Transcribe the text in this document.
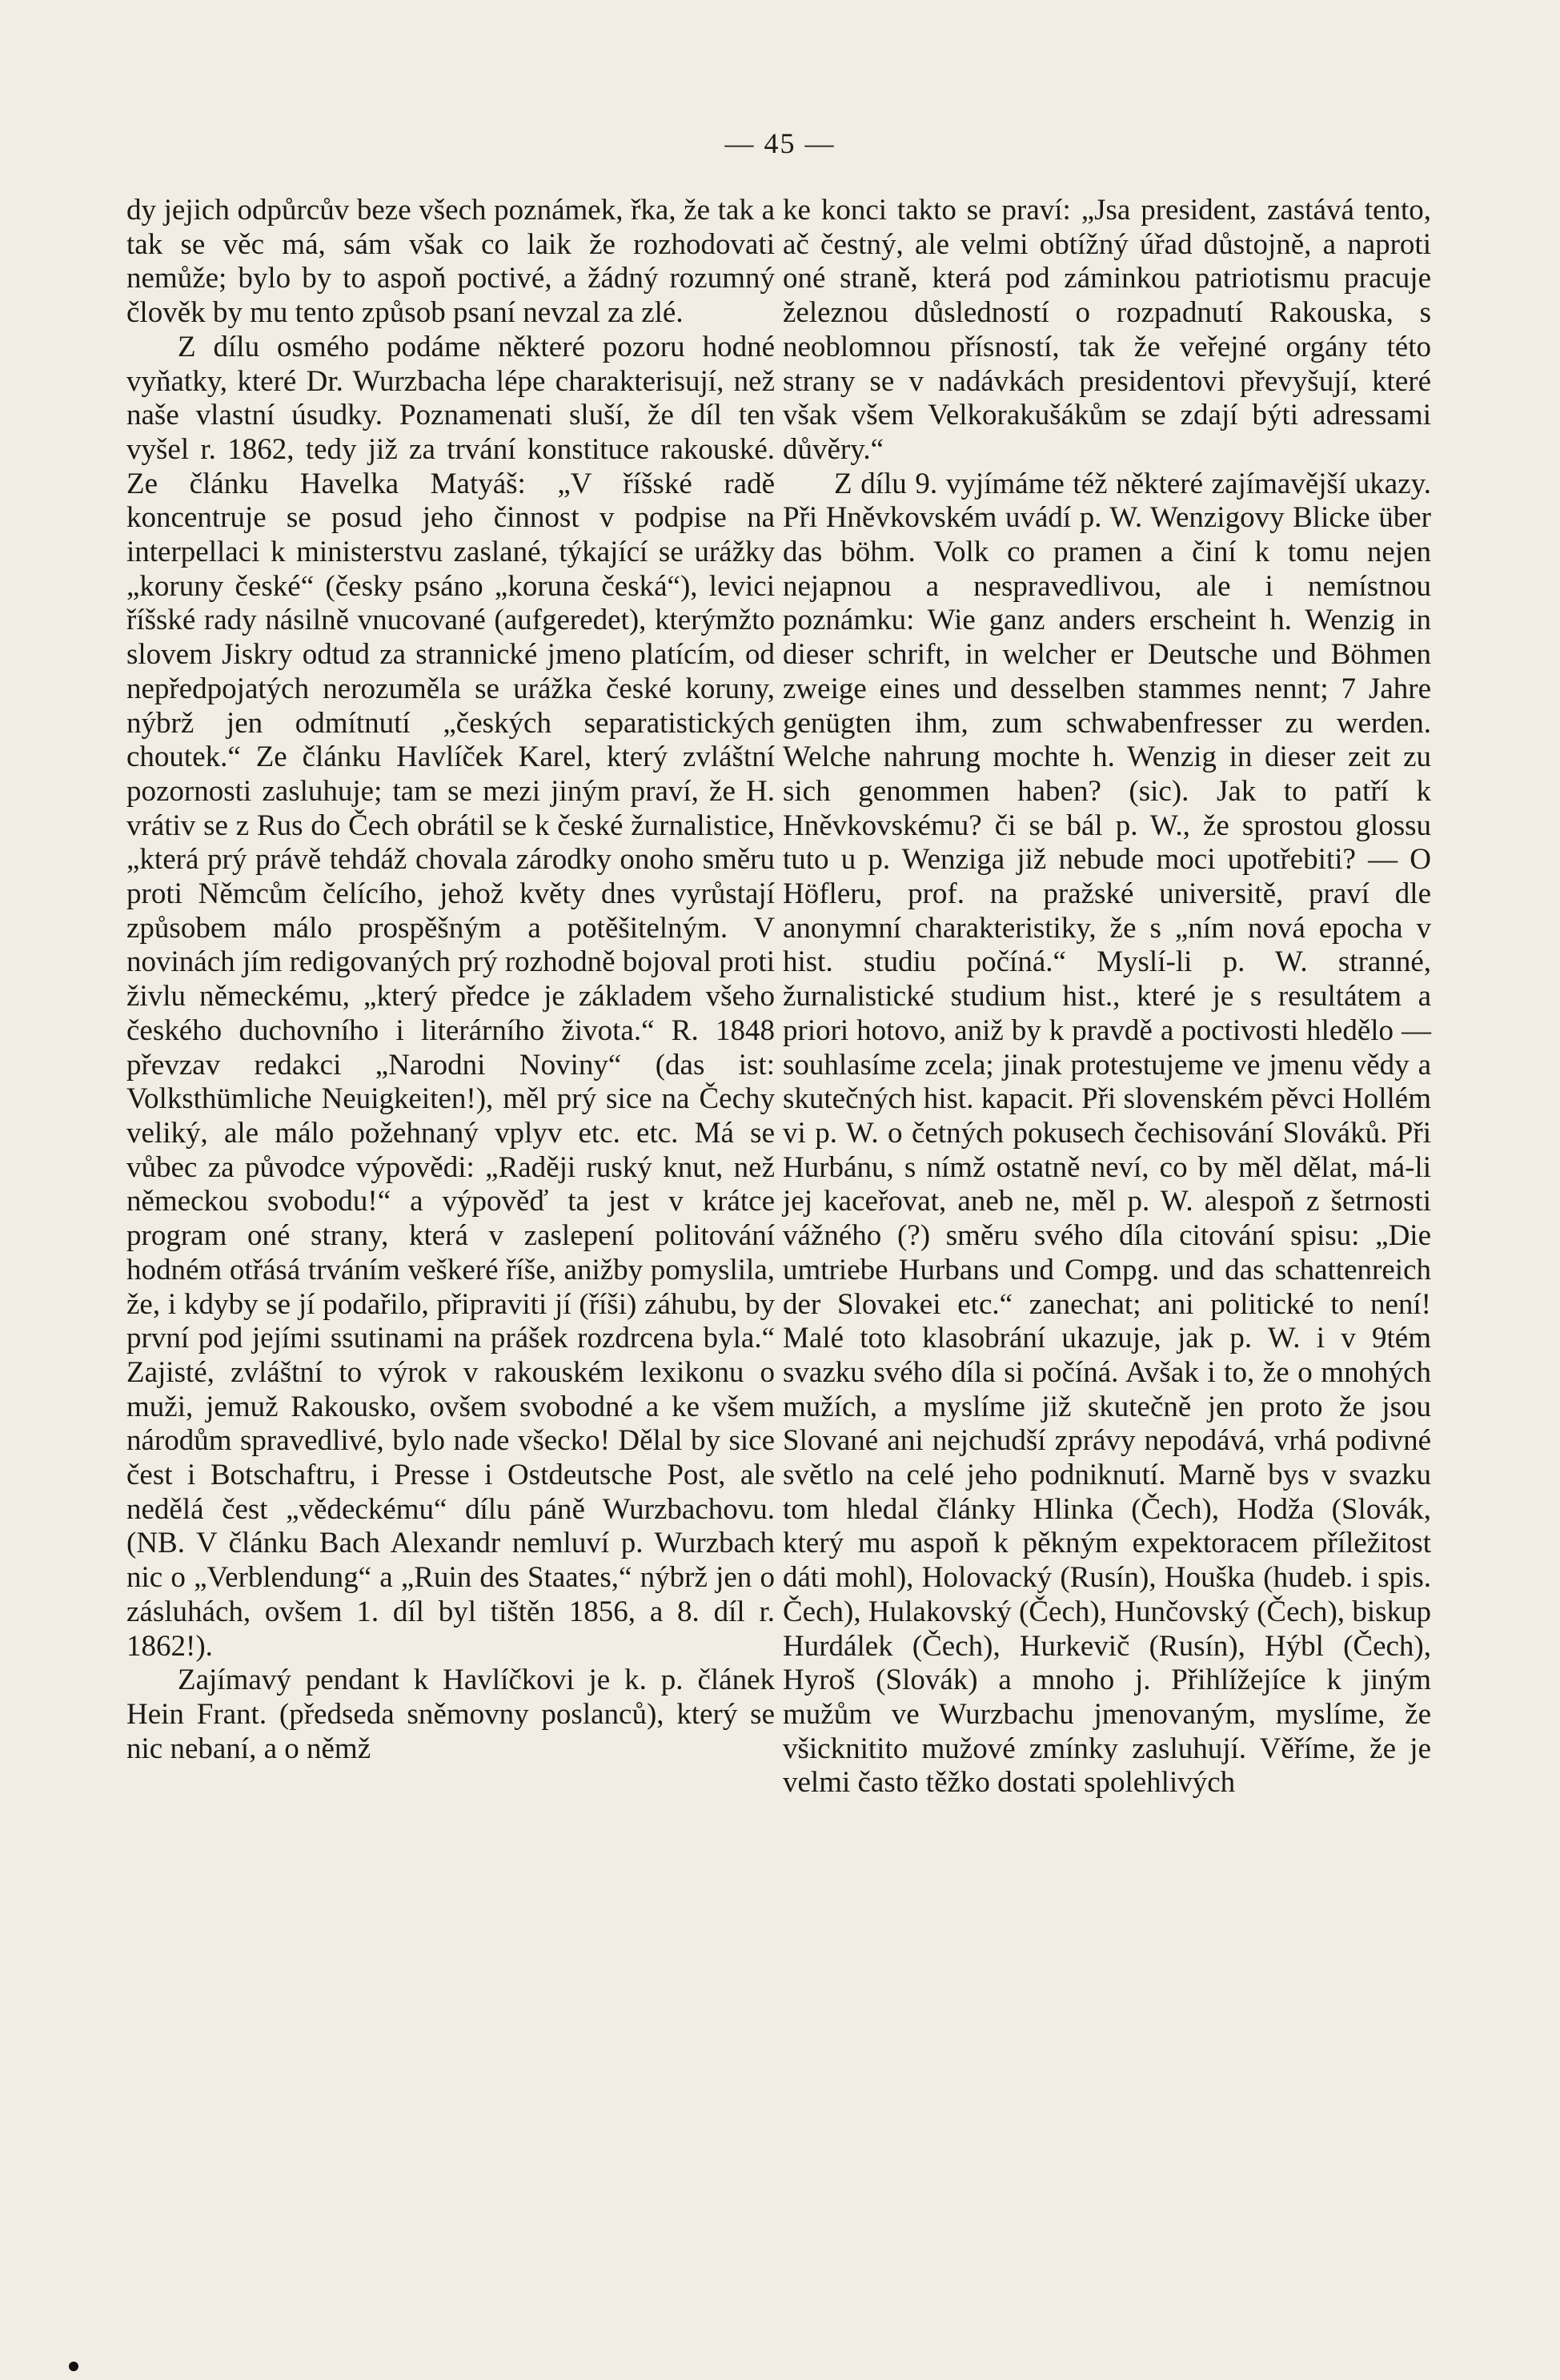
— 45 —

dy jejich odpůrcův beze všech poznámek, řka, že tak a tak se věc má, sám však co laik že rozhodovati nemůže; bylo by to aspoň poctivé, a žádný rozumný člověk by mu tento způsob psaní nevzal za zlé.

Z dílu osmého podáme některé pozoru hodné vyňatky, které Dr. Wurzbacha lépe charakterisují, než naše vlastní úsudky. Poznamenati sluší, že díl ten vyšel r. 1862, tedy již za trvání konstituce rakouské. Ze článku Havelka Matyáš: „V říšské radě koncentruje se posud jeho činnost v podpise na interpellaci k ministerstvu zaslané, týkající se urážky „koruny české“ (česky psáno „koruna česká“), levici říšské rady násilně vnucované (aufgeredet), kterýmžto slovem Jiskry odtud za strannické jmeno platícím, od nepředpojatých nerozuměla se urážka české koruny, nýbrž jen odmítnutí „českých separatistických choutek.“ Ze článku Havlíček Karel, který zvláštní pozornosti zasluhuje; tam se mezi jiným praví, že H. vrátiv se z Rus do Čech obrátil se k české žurnalistice, „která prý právě tehdáž chovala zárodky onoho směru proti Němcům čelícího, jehož květy dnes vyrůstají způsobem málo prospěšným a potěšitelným. V novinách jím redigovaných prý rozhodně bojoval proti živlu německému, „který předce je základem všeho českého duchovního i literárního života.“ R. 1848 převzav redakci „Narodni Noviny“ (das ist: Volksthümliche Neuigkeiten!), měl prý sice na Čechy veliký, ale málo požehnaný vplyv etc. etc. Má se vůbec za původce výpovědi: „Raději ruský knut, než německou svobodu!“ a výpověď ta jest v krátce program oné strany, která v zaslepení politování hodném otřásá trváním veškeré říše, anižby pomyslila, že, i kdyby se jí podařilo, připraviti jí (říši) záhubu, by první pod jejími ssutinami na prášek rozdrcena byla.“ Zajisté, zvláštní to výrok v rakouském lexikonu o muži, jemuž Rakousko, ovšem svobodné a ke všem národům spravedlivé, bylo nade všecko! Dělal by sice čest i Botschaftru, i Presse i Ostdeutsche Post, ale nedělá čest „vědeckému“ dílu páně Wurzbachovu. (NB. V článku Bach Alexandr nemluví p. Wurzbach nic o „Verblendung“ a „Ruin des Staates,“ nýbrž jen o zásluhách, ovšem 1. díl byl tištěn 1856, a 8. díl r. 1862!).

Zajímavý pendant k Havlíčkovi je k. p. článek Hein Frant. (předseda sněmovny poslanců), který se nic nebaní, a o němž

ke konci takto se praví: „Jsa president, zastává tento, ač čestný, ale velmi obtížný úřad důstojně, a naproti oné straně, která pod záminkou patriotismu pracuje železnou důsledností o rozpadnutí Rakouska, s neoblomnou přísností, tak že veřejné orgány této strany se v nadávkách presidentovi převyšují, které však všem Velkorakušákům se zdají býti adressami důvěry.“

Z dílu 9. vyjímáme též některé zajímavější ukazy. Při Hněvkovském uvádí p. W. Wenzigovy Blicke über das böhm. Volk co pramen a činí k tomu nejen nejapnou a nespravedlivou, ale i nemístnou poznámku: Wie ganz anders erscheint h. Wenzig in dieser schrift, in welcher er Deutsche und Böhmen zweige eines und desselben stammes nennt; 7 Jahre genügten ihm, zum schwabenfresser zu werden. Welche nahrung mochte h. Wenzig in dieser zeit zu sich genommen haben? (sic). Jak to patří k Hněvkovskému? či se bál p. W., že sprostou glossu tuto u p. Wenziga již nebude moci upotřebiti? — O Höfleru, prof. na pražské universitě, praví dle anonymní charakteristiky, že s „ním nová epocha v hist. studiu počíná.“ Myslí-li p. W. stranné, žurnalistické studium hist., které je s resultátem a priori hotovo, aniž by k pravdě a poctivosti hledělo — souhlasíme zcela; jinak protestujeme ve jmenu vědy a skutečných hist. kapacit. Při slovenském pěvci Hollém vi p. W. o četných pokusech čechisování Slováků. Při Hurbánu, s nímž ostatně neví, co by měl dělat, má-li jej kaceřovat, aneb ne, měl p. W. alespoň z šetrnosti vážného (?) směru svého díla citování spisu: „Die umtriebe Hurbans und Compg. und das schattenreich der Slovakei etc.“ zanechat; ani politické to není! Malé toto klasobrání ukazuje, jak p. W. i v 9tém svazku svého díla si počíná. Avšak i to, že o mnohých mužích, a myslíme již skutečně jen proto že jsou Slované ani nejchudší zprávy nepodává, vrhá podivné světlo na celé jeho podniknutí. Marně bys v svazku tom hledal články Hlinka (Čech), Hodža (Slovák, který mu aspoň k pěkným expektoracem příležitost dáti mohl), Holovacký (Rusín), Houška (hudeb. i spis. Čech), Hulakovský (Čech), Hunčovský (Čech), biskup Hurdálek (Čech), Hurkevič (Rusín), Hýbl (Čech), Hyroš (Slovák) a mnoho j. Přihlížejíce k jiným mužům ve Wurzbachu jmenovaným, myslíme, že všicknitito mužové zmínky zasluhují. Věříme, že je velmi často těžko dostati spolehlivých
